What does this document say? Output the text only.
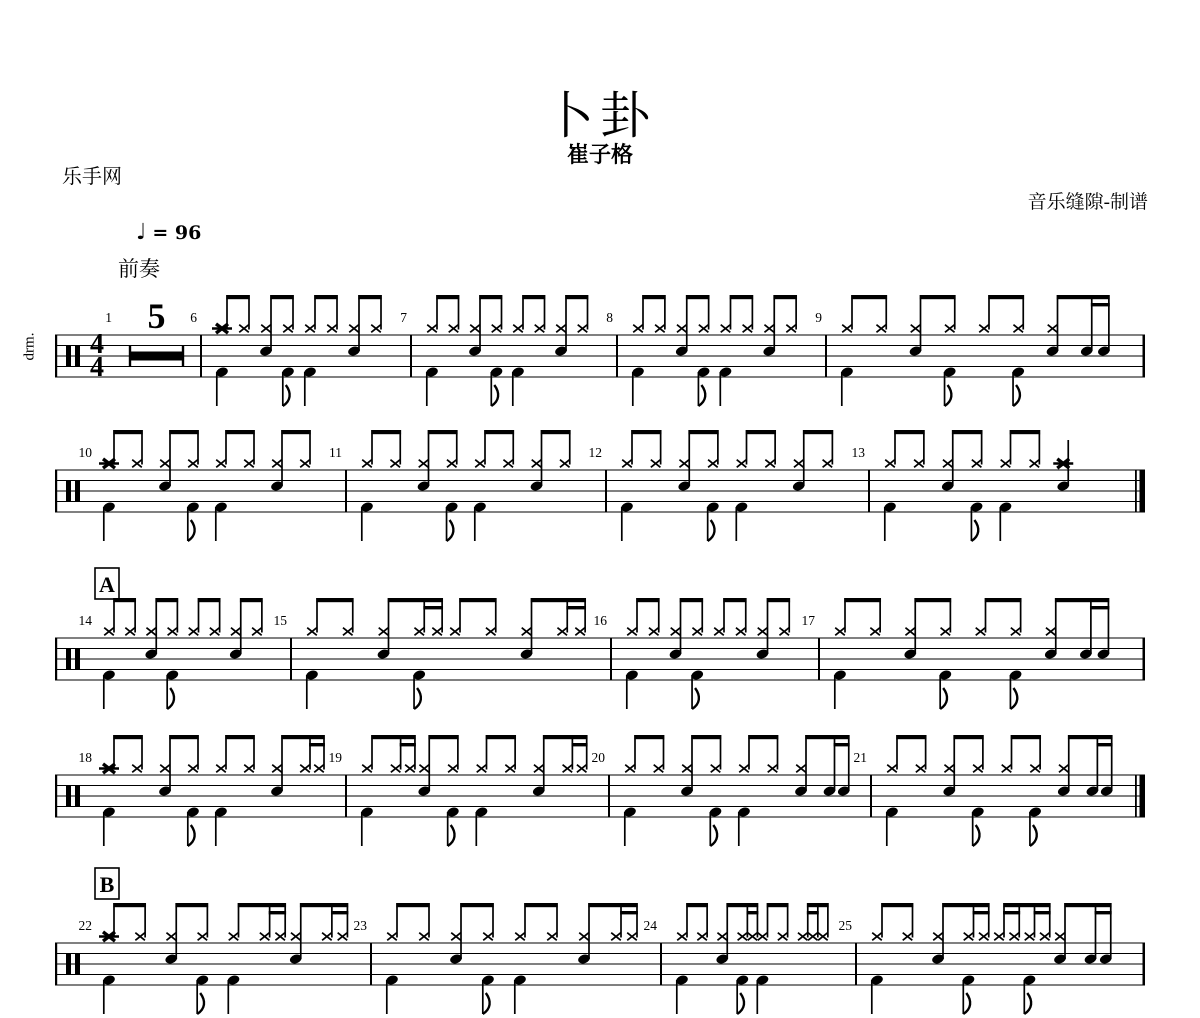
卜卦
崔子格
乐手网
音乐缝隙-制谱
♩ = 96
前奏
drm. 4
4
1 5 6	7	8	9
10	11	12	13
A
14	15	16	17
18	19	20	21
B
22	23	24	25
